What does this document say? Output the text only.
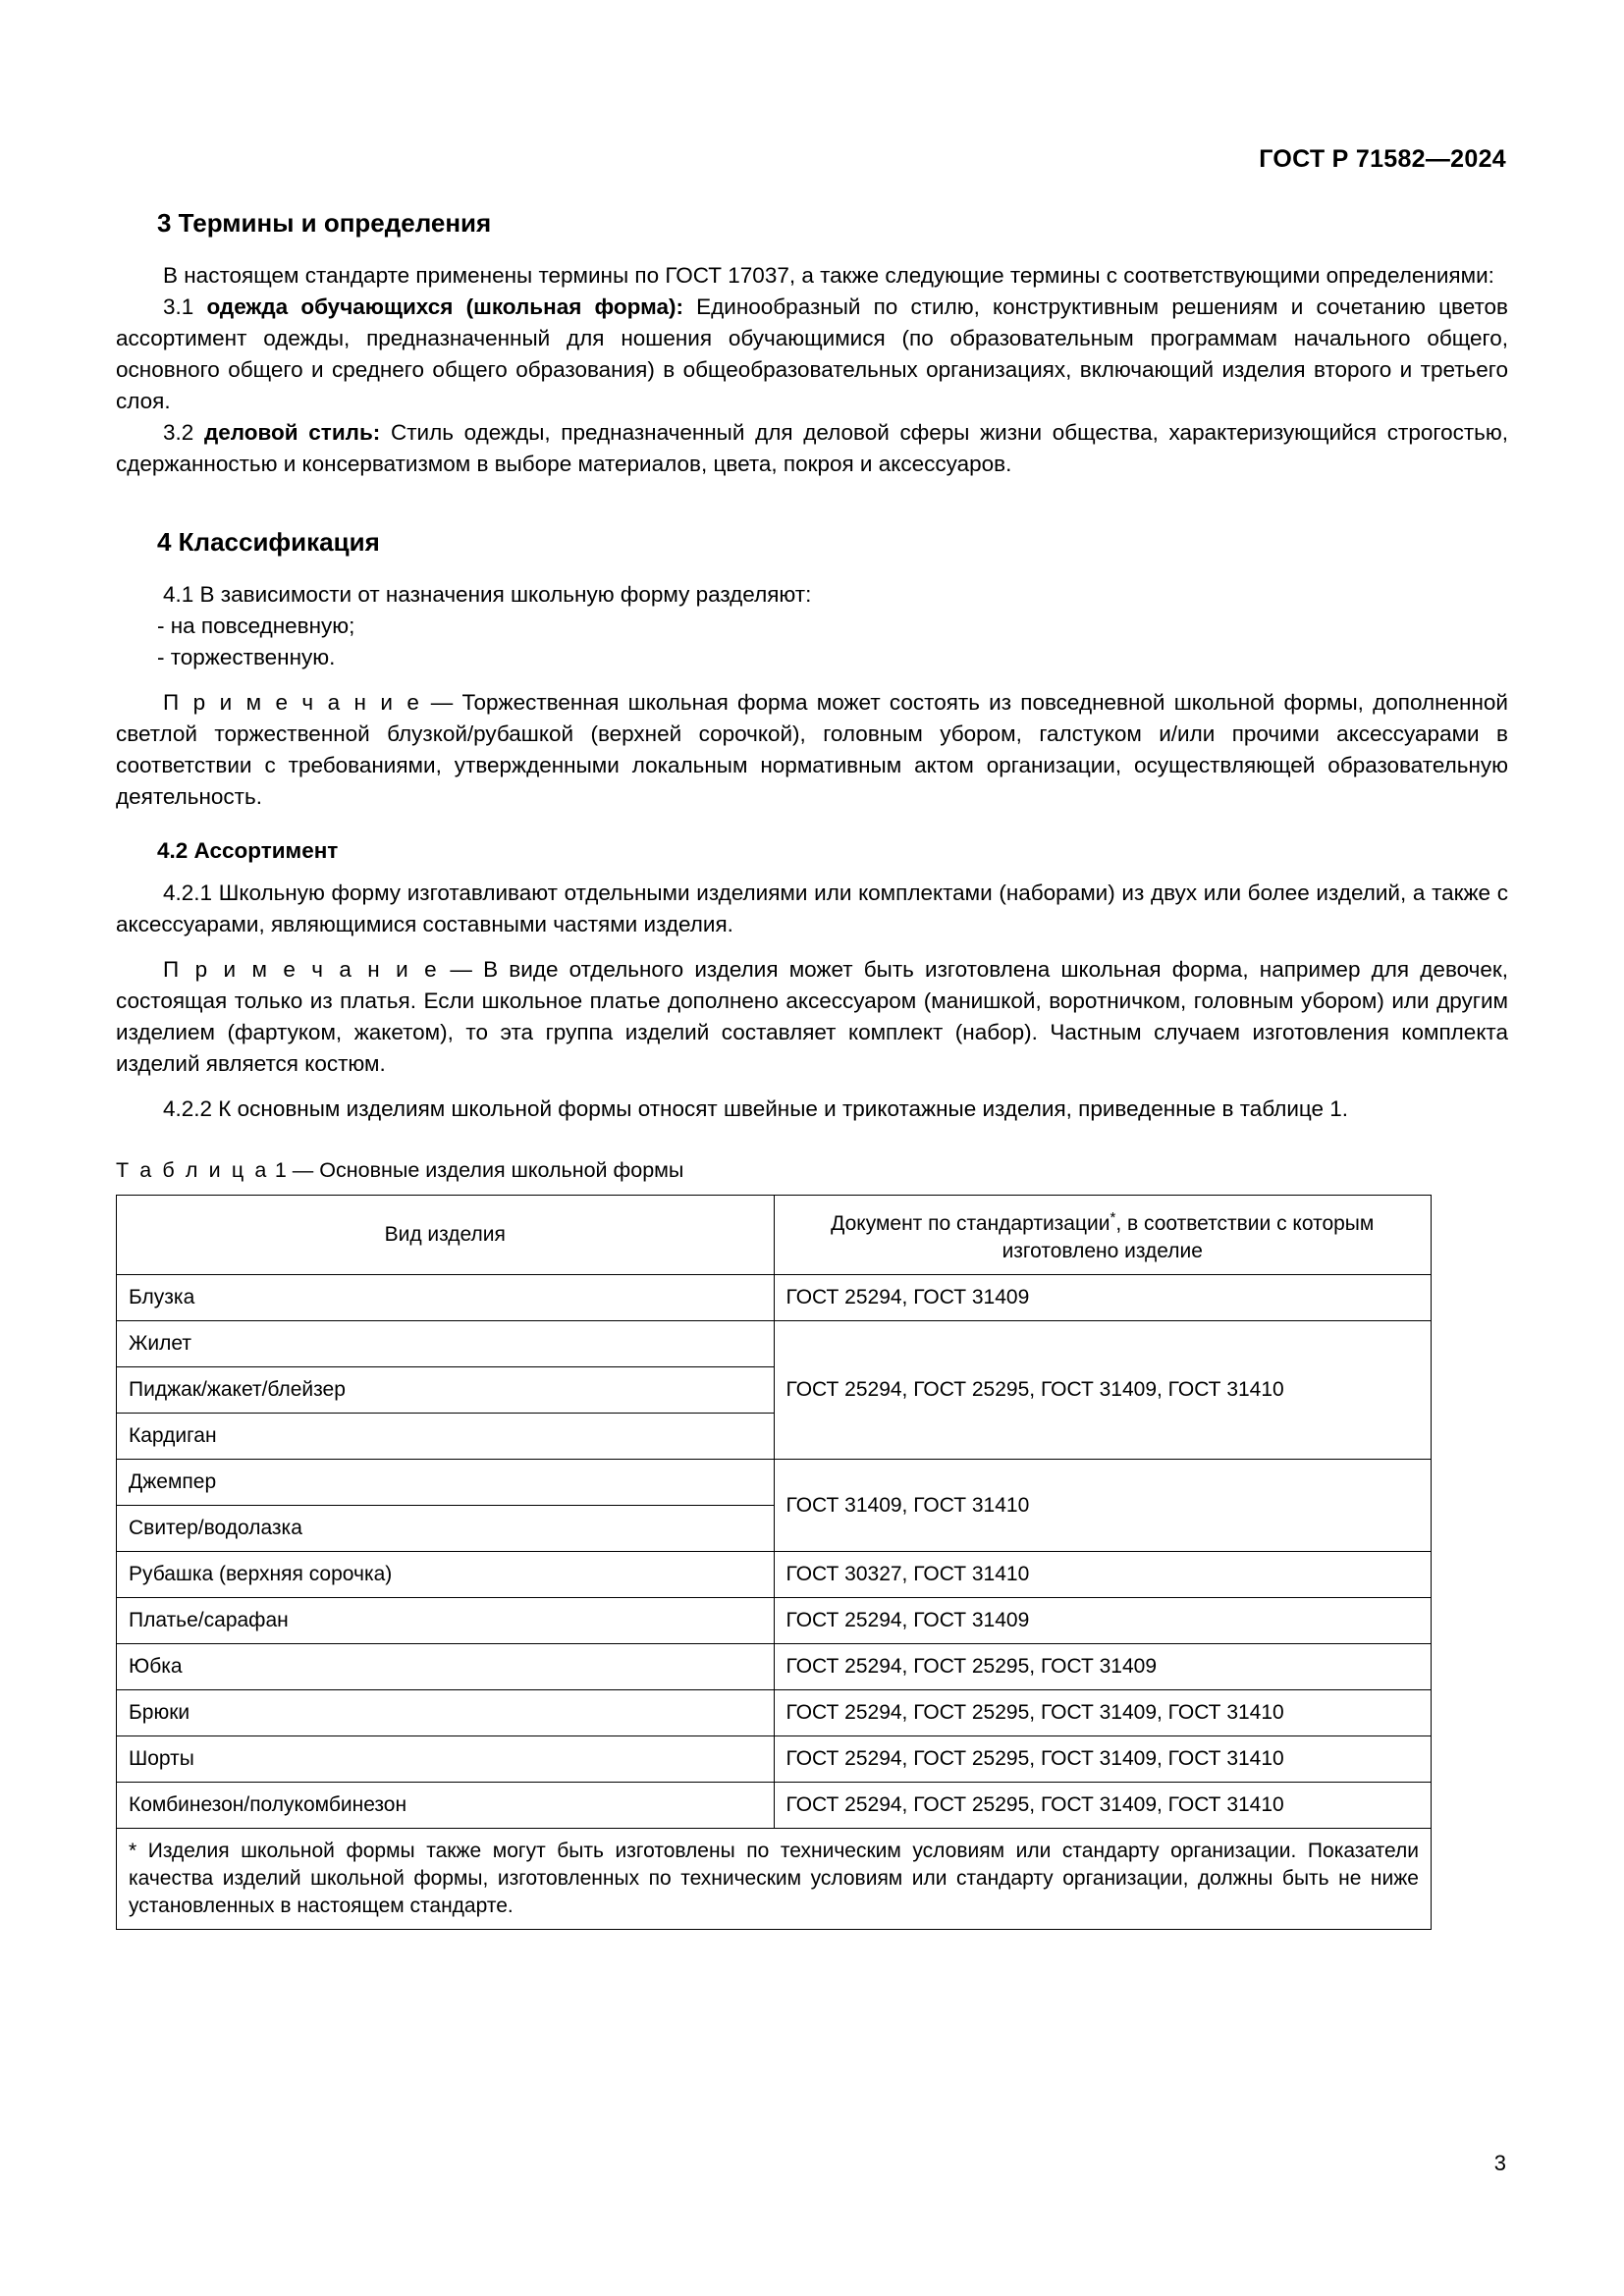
ГОСТ Р 71582—2024
3 Термины и определения

В настоящем стандарте применены термины по ГОСТ 17037, а также следующие термины с соответствующими определениями:

3.1 одежда обучающихся (школьная форма): Единообразный по стилю, конструктивным решениям и сочетанию цветов ассортимент одежды, предназначенный для ношения обучающимися (по образовательным программам начального общего, основного общего и среднего общего образования) в общеобразовательных организациях, включающий изделия второго и третьего слоя.

3.2 деловой стиль: Стиль одежды, предназначенный для деловой сферы жизни общества, характеризующийся строгостью, сдержанностью и консерватизмом в выборе материалов, цвета, покроя и аксессуаров.

4 Классификация

4.1 В зависимости от назначения школьную форму разделяют:

- на повседневную;

- торжественную.

П р и м е ч а н и е — Торжественная школьная форма может состоять из повседневной школьной формы, дополненной светлой торжественной блузкой/рубашкой (верхней сорочкой), головным убором, галстуком и/или прочими аксессуарами в соответствии с требованиями, утвержденными локальным нормативным актом организации, осуществляющей образовательную деятельность.

4.2 Ассортимент

4.2.1 Школьную форму изготавливают отдельными изделиями или комплектами (наборами) из двух или более изделий, а также с аксессуарами, являющимися составными частями изделия.

П р и м е ч а н и е — В виде отдельного изделия может быть изготовлена школьная форма, например для девочек, состоящая только из платья. Если школьное платье дополнено аксессуаром (манишкой, воротничком, головным убором) или другим изделием (фартуком, жакетом), то эта группа изделий составляет комплект (набор). Частным случаем изготовления комплекта изделий является костюм.

4.2.2 К основным изделиям школьной формы относят швейные и трикотажные изделия, приведенные в таблице 1.

Т а б л и ц а 1 — Основные изделия школьной формы
Вид изделия	Документ по стандартизации*, в соответствии с которым изготовлено изделие
Блузка	ГОСТ 25294, ГОСТ 31409
Жилет	ГОСТ 25294, ГОСТ 25295, ГОСТ 31409, ГОСТ 31410
Пиджак/жакет/блейзер	
Кардиган	
Джемпер	ГОСТ 31409, ГОСТ 31410
Свитер/водолазка	
Рубашка (верхняя сорочка)	ГОСТ 30327, ГОСТ 31410
Платье/сарафан	ГОСТ 25294, ГОСТ 31409
Юбка	ГОСТ 25294, ГОСТ 25295, ГОСТ 31409
Брюки	ГОСТ 25294, ГОСТ 25295, ГОСТ 31409, ГОСТ 31410
Шорты	ГОСТ 25294, ГОСТ 25295, ГОСТ 31409, ГОСТ 31410
Комбинезон/полукомбинезон	ГОСТ 25294, ГОСТ 25295, ГОСТ 31409, ГОСТ 31410
* Изделия школьной формы также могут быть изготовлены по техническим условиям или стандарту организации. Показатели качества изделий школьной формы, изготовленных по техническим условиям или стандарту организации, должны быть не ниже установленных в настоящем стандарте.	
3
